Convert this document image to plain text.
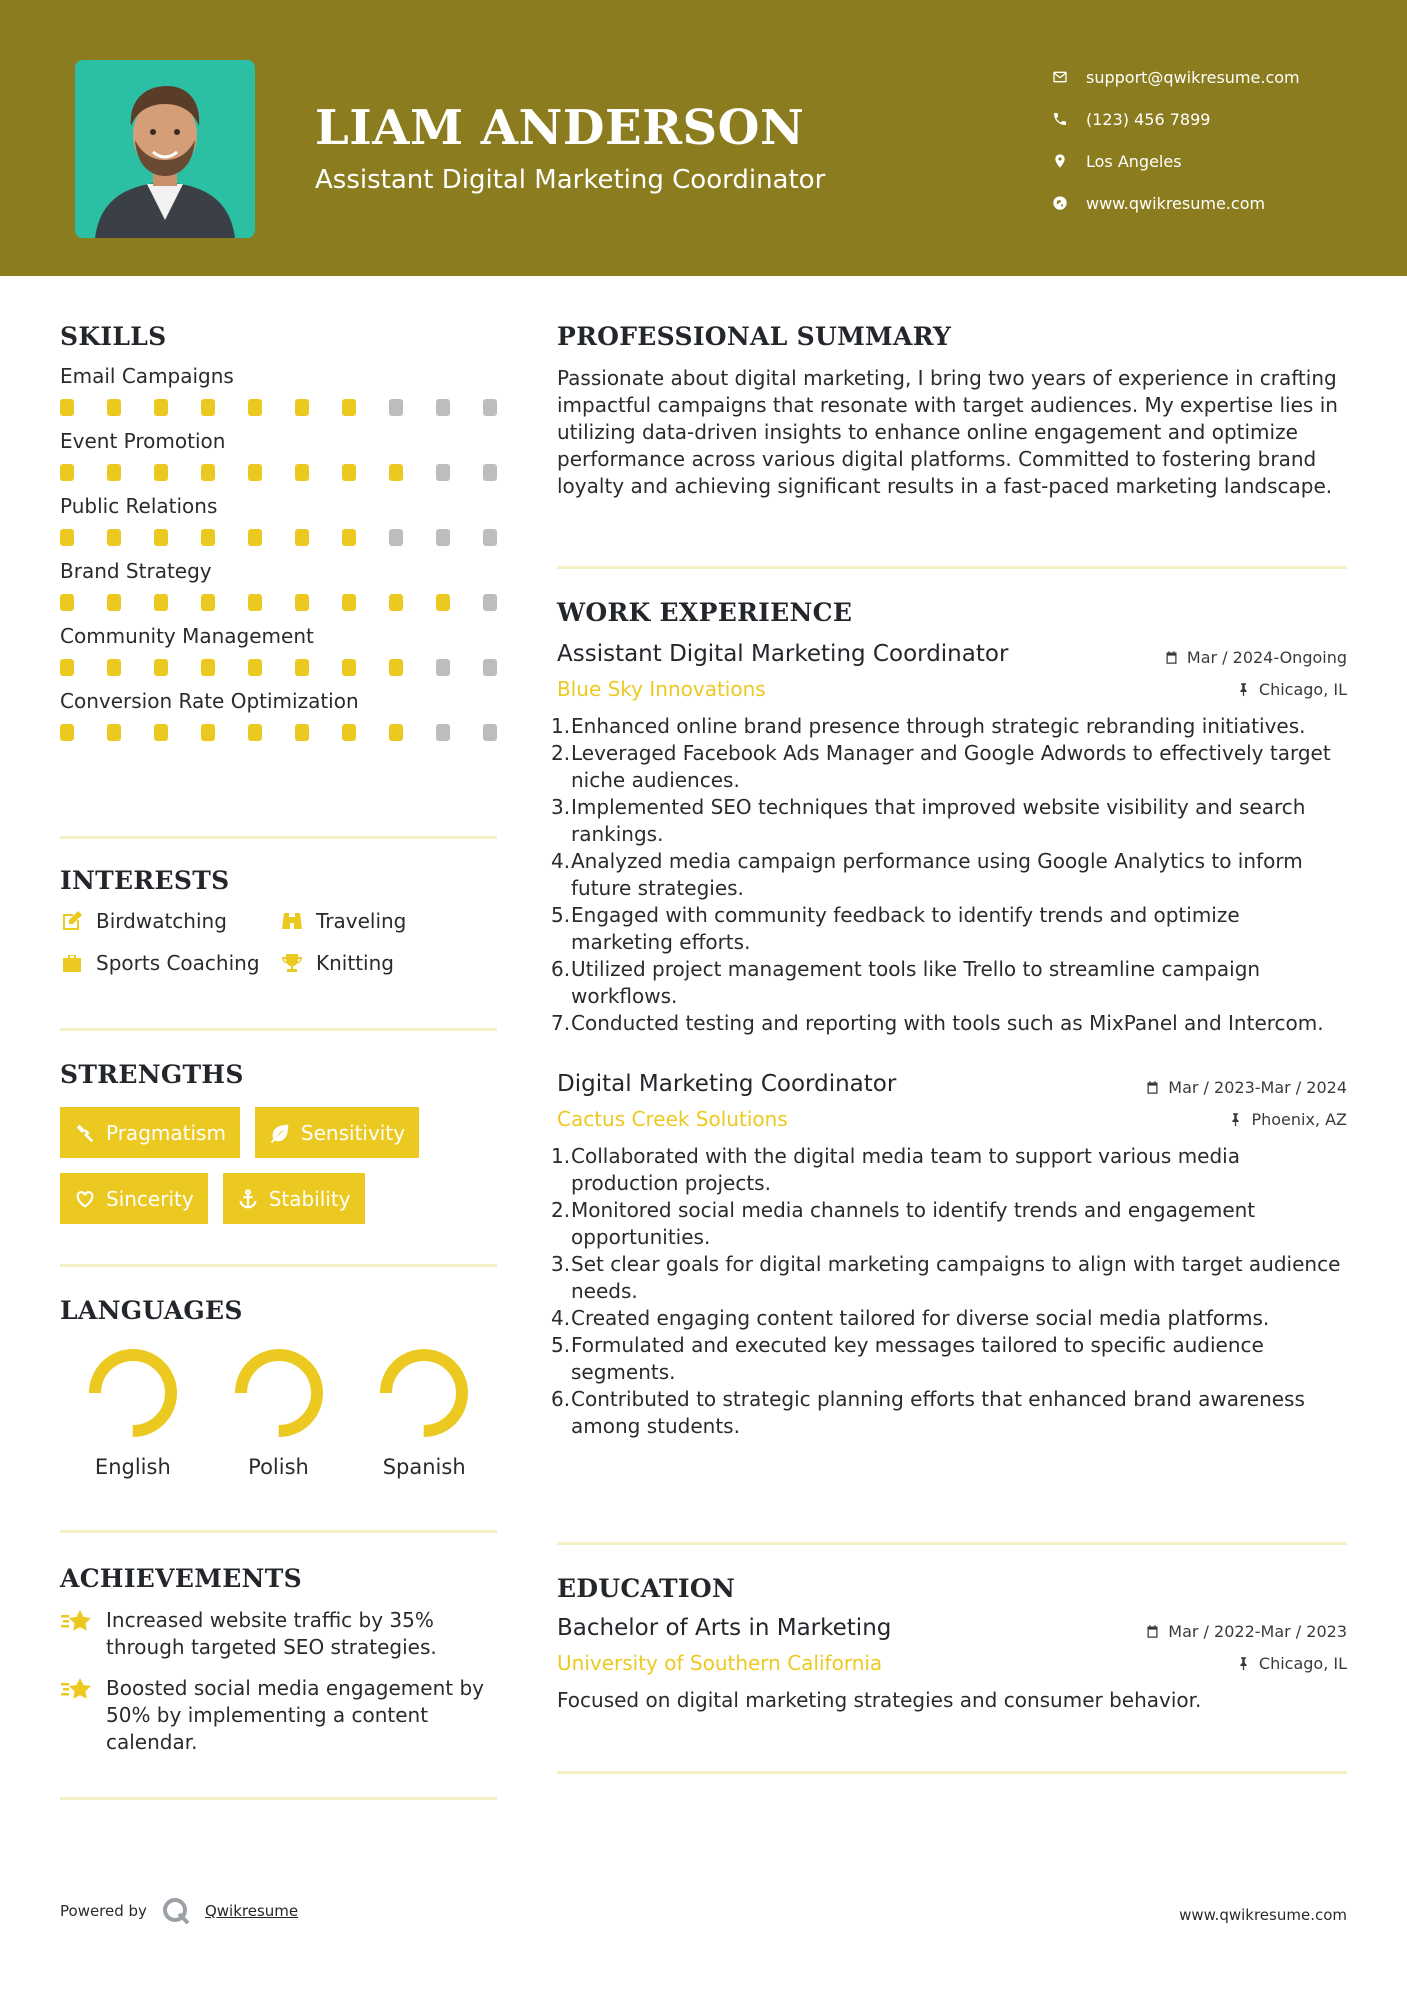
LIAM ANDERSON
Assistant Digital Marketing Coordinator
support@qwikresume.com
(123) 456 7899
Los Angeles
www.qwikresume.com
SKILLS
Email Campaigns
Event Promotion
Public Relations
Brand Strategy
Community Management
Conversion Rate Optimization
INTERESTS
Birdwatching	Traveling
Sports Coaching	Knitting
STRENGTHS
Pragmatism	Sensitivity
Sincerity	Stability
LANGUAGES
English	Polish	Spanish
ACHIEVEMENTS
Increased website traffic by 35% through targeted SEO strategies.
Boosted social media engagement by 50% by implementing a content calendar.
PROFESSIONAL SUMMARY
Passionate about digital marketing, I bring two years of experience in crafting impactful campaigns that resonate with target audiences. My expertise lies in utilizing data-driven insights to enhance online engagement and optimize performance across various digital platforms. Committed to fostering brand loyalty and achieving significant results in a fast-paced marketing landscape.
WORK EXPERIENCE
Assistant Digital Marketing Coordinator	Mar / 2024-Ongoing
Blue Sky Innovations	Chicago, IL
1. Enhanced online brand presence through strategic rebranding initiatives.
2. Leveraged Facebook Ads Manager and Google Adwords to effectively target niche audiences.
3. Implemented SEO techniques that improved website visibility and search rankings.
4. Analyzed media campaign performance using Google Analytics to inform future strategies.
5. Engaged with community feedback to identify trends and optimize marketing efforts.
6. Utilized project management tools like Trello to streamline campaign workflows.
7. Conducted testing and reporting with tools such as MixPanel and Intercom.
Digital Marketing Coordinator	Mar / 2023-Mar / 2024
Cactus Creek Solutions	Phoenix, AZ
1. Collaborated with the digital media team to support various media production projects.
2. Monitored social media channels to identify trends and engagement opportunities.
3. Set clear goals for digital marketing campaigns to align with target audience needs.
4. Created engaging content tailored for diverse social media platforms.
5. Formulated and executed key messages tailored to specific audience segments.
6. Contributed to strategic planning efforts that enhanced brand awareness among students.
EDUCATION
Bachelor of Arts in Marketing	Mar / 2022-Mar / 2023
University of Southern California	Chicago, IL
Focused on digital marketing strategies and consumer behavior.
Powered by	Qwikresume	www.qwikresume.com
